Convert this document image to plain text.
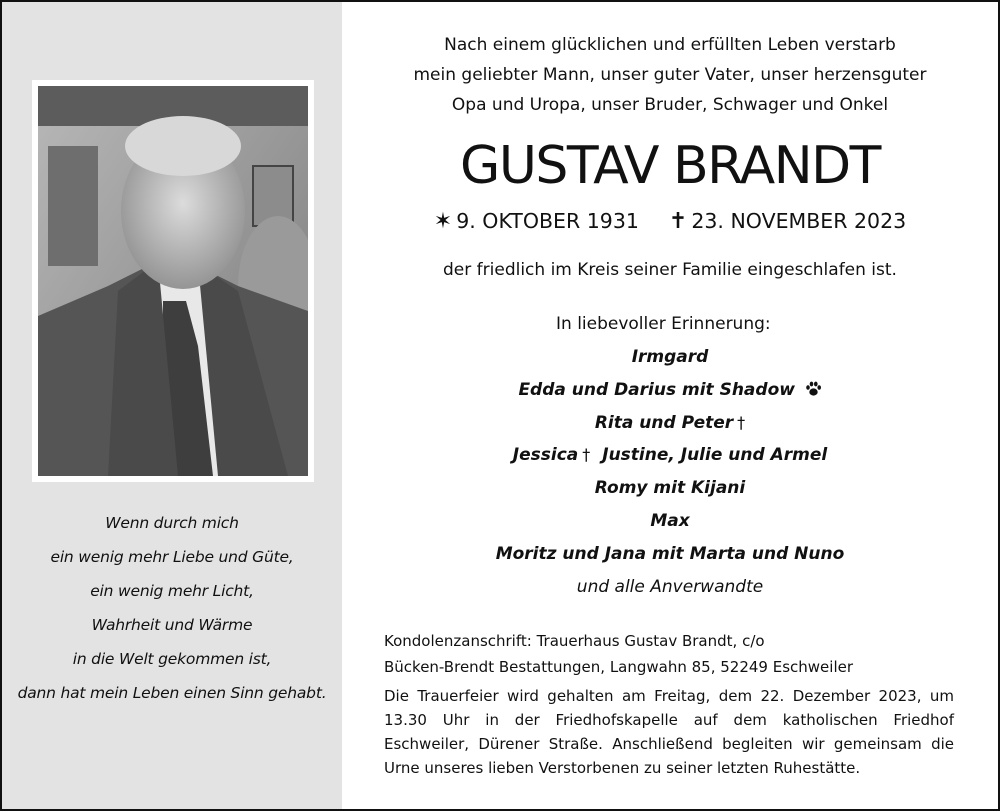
Wenn durch mich
ein wenig mehr Liebe und Güte,
ein wenig mehr Licht,
Wahrheit und Wärme
in die Welt gekommen ist,
dann hat mein Leben einen Sinn gehabt.
Nach einem glücklichen und erfüllten Leben verstarb
mein geliebter Mann, unser guter Vater, unser herzensguter
Opa und Uropa, unser Bruder, Schwager und Onkel
GUSTAV BRANDT
✶ 9. OKTOBER 1931 ✝ 23. NOVEMBER 2023
der friedlich im Kreis seiner Familie eingeschlafen ist.
In liebevoller Erinnerung:
Irmgard
Edda und Darius mit Shadow
Rita und Peter †
Jessica † Justine, Julie und Armel
Romy mit Kijani
Max
Moritz und Jana mit Marta und Nuno
und alle Anverwandte
Kondolenzanschrift: Trauerhaus Gustav Brandt, c/o
Bücken-Brendt Bestattungen, Langwahn 85, 52249 Eschweiler
Die Trauerfeier wird gehalten am Freitag, dem 22. Dezember 2023, um 13.30 Uhr in der Friedhofskapelle auf dem katholischen Friedhof Eschweiler, Dürener Straße. Anschließend begleiten wir gemeinsam die Urne unseres lieben Verstorbenen zu seiner letzten Ruhestätte.
